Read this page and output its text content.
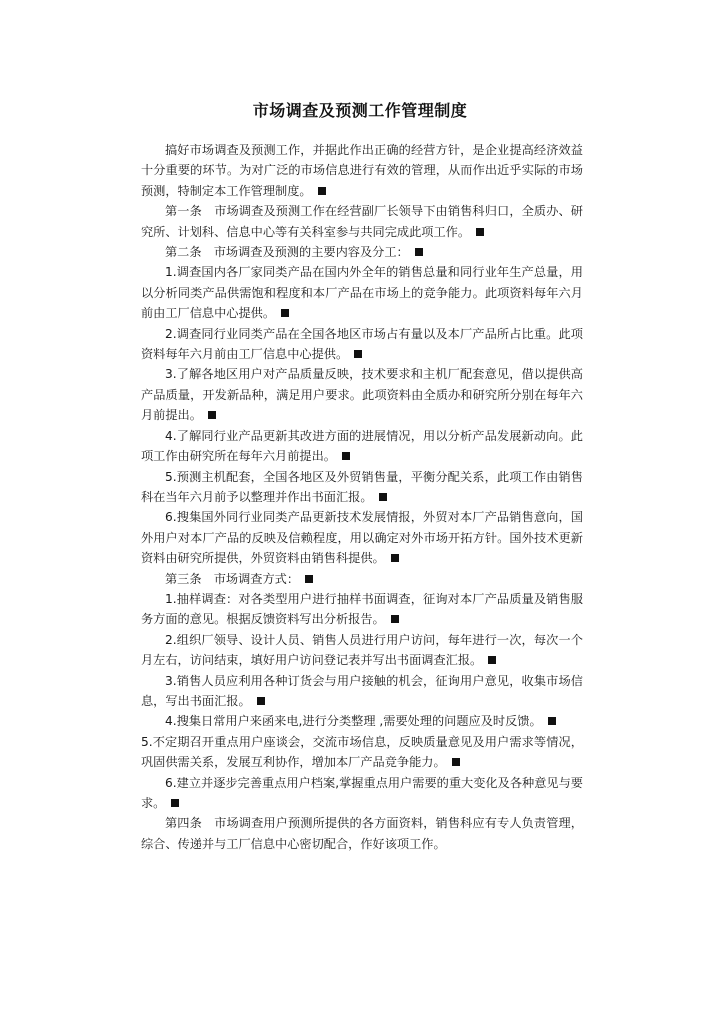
市场调查及预测工作管理制度

搞好市场调查及预测工作，并据此作出正确的经营方针，是企业提高经济效益十分重要的环节。为对广泛的市场信息进行有效的管理，从而作出近乎实际的市场预测，特制定本工作管理制度。

第一条　市场调查及预测工作在经营副厂长领导下由销售科归口，全质办、研究所、计划科、信息中心等有关科室参与共同完成此项工作。

第二条　市场调查及预测的主要内容及分工：

1.调查国内各厂家同类产品在国内外全年的销售总量和同行业年生产总量，用以分析同类产品供需饱和程度和本厂产品在市场上的竞争能力。此项资料每年六月前由工厂信息中心提供。

2.调查同行业同类产品在全国各地区市场占有量以及本厂产品所占比重。此项资料每年六月前由工厂信息中心提供。

3.了解各地区用户对产品质量反映，技术要求和主机厂配套意见，借以提供高产品质量，开发新品种，满足用户要求。此项资料由全质办和研究所分别在每年六月前提出。

4.了解同行业产品更新其改进方面的进展情况，用以分析产品发展新动向。此项工作由研究所在每年六月前提出。

5.预测主机配套，全国各地区及外贸销售量，平衡分配关系，此项工作由销售科在当年六月前予以整理并作出书面汇报。

6.搜集国外同行业同类产品更新技术发展情报，外贸对本厂产品销售意向，国外用户对本厂产品的反映及信赖程度，用以确定对外市场开拓方针。国外技术更新资料由研究所提供，外贸资料由销售科提供。

第三条　市场调查方式：

1.抽样调查：对各类型用户进行抽样书面调查，征询对本厂产品质量及销售服务方面的意见。根据反馈资料写出分析报告。

2.组织厂领导、设计人员、销售人员进行用户访问，每年进行一次，每次一个月左右，访问结束，填好用户访问登记表并写出书面调查汇报。

3.销售人员应利用各种订货会与用户接触的机会，征询用户意见，收集市场信息，写出书面汇报。

4.搜集日常用户来函来电,进行分类整理 ,需要处理的问题应及时反馈。

5.不定期召开重点用户座谈会，交流市场信息，反映质量意见及用户需求等情况，巩固供需关系，发展互利协作，增加本厂产品竞争能力。

6.建立并逐步完善重点用户档案,掌握重点用户需要的重大变化及各种意见与要求。

第四条　市场调查用户预测所提供的各方面资料，销售科应有专人负责管理，综合、传递并与工厂信息中心密切配合，作好该项工作。
